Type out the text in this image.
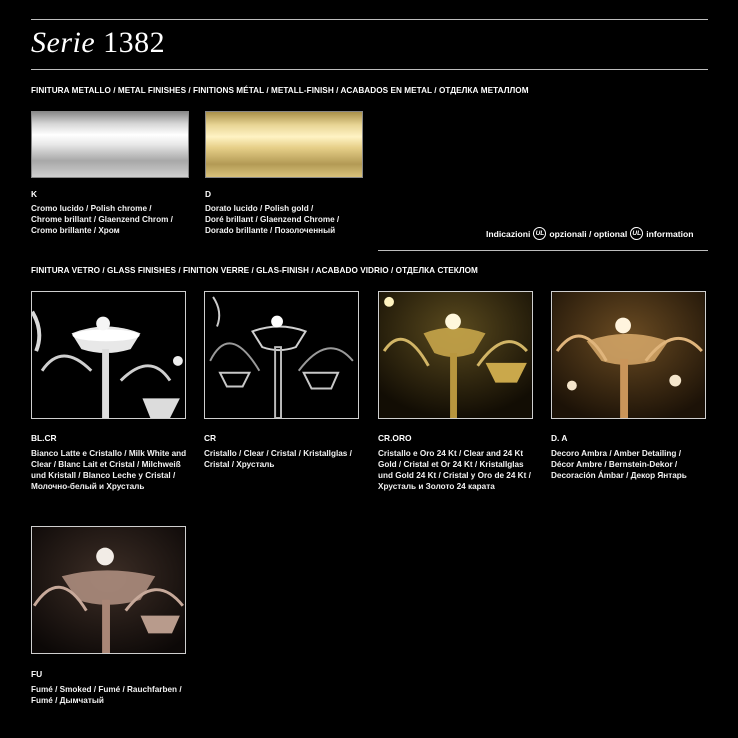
Serie 1382
FINITURA METALLO / METAL FINISHES / FINITIONS MÉTAL / METALL-FINISH / ACABADOS EN METAL / ОТДЕЛКА МЕТАЛЛОМ
K
Cromo lucido / Polish chrome /
Chrome brillant / Glaenzend Chrom /
Cromo brillante / Хром
D
Dorato lucido / Polish gold /
Doré brillant / Glaenzend Chrome /
Dorado brillante / Позолоченный	Indicazioni UL opzionali / optional UL information
FINITURA VETRO / GLASS FINISHES / FINITION VERRE / GLAS-FINISH / ACABADO VIDRIO / ОТДЕЛКА СТЕКЛОМ
BL.CR
Bianco Latte e Cristallo / Milk White and
Clear / Blanc Lait et Cristal / Milchweiß
und Kristall / Blanco Leche y Cristal /
Молочно-белый и Хрусталь
CR
Cristallo / Clear / Cristal / Kristallglas /
Cristal / Хрусталь
CR.ORO
Cristallo e Oro 24 Kt / Clear and 24 Kt
Gold / Cristal et Or 24 Kt / Kristallglas
und Gold 24 Kt / Cristal y Oro de 24 Kt /
Хрусталь и Золото 24 карата
D. A
Decoro Ambra / Amber Detailing /
Décor Ambre / Bernstein-Dekor /
Decoración Ámbar / Декор Янтарь
FU
Fumé / Smoked / Fumé / Rauchfarben /
Fumé / Дымчатый
